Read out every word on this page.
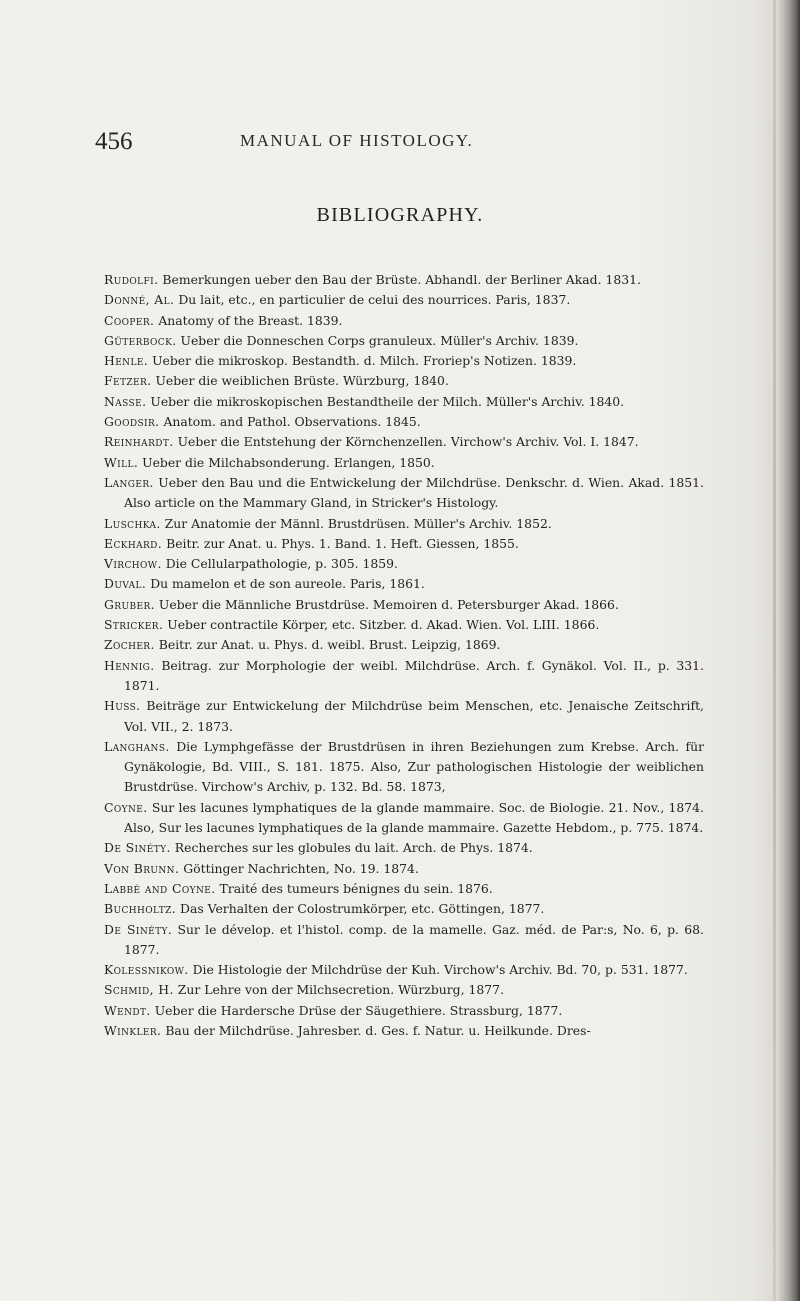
456	MANUAL OF HISTOLOGY.
BIBLIOGRAPHY.
Rudolfi. Bemerkungen ueber den Bau der Brüste. Abhandl. der Berliner Akad. 1831.
Donné, Al. Du lait, etc., en particulier de celui des nourrices. Paris, 1837.
Cooper. Anatomy of the Breast. 1839.
Güterbock. Ueber die Donneschen Corps granuleux. Müller's Archiv. 1839.
Henle. Ueber die mikroskop. Bestandth. d. Milch. Froriep's Notizen. 1839.
Fetzer. Ueber die weiblichen Brüste. Würzburg, 1840.
Nasse. Ueber die mikroskopischen Bestandtheile der Milch. Müller's Archiv. 1840.
Goodsir. Anatom. and Pathol. Observations. 1845.
Reinhardt. Ueber die Entstehung der Körnchenzellen. Virchow's Archiv. Vol. I. 1847.
Will. Ueber die Milchabsonderung. Erlangen, 1850.
Langer. Ueber den Bau und die Entwickelung der Milchdrüse. Denkschr. d. Wien. Akad. 1851. Also article on the Mammary Gland, in Stricker's Histology.
Luschka. Zur Anatomie der Männl. Brustdrüsen. Müller's Archiv. 1852.
Eckhard. Beitr. zur Anat. u. Phys. 1. Band. 1. Heft. Giessen, 1855.
Virchow. Die Cellularpathologie, p. 305. 1859.
Duval. Du mamelon et de son aureole. Paris, 1861.
Gruber. Ueber die Männliche Brustdrüse. Memoiren d. Petersburger Akad. 1866.
Stricker. Ueber contractile Körper, etc. Sitzber. d. Akad. Wien. Vol. LIII. 1866.
Zocher. Beitr. zur Anat. u. Phys. d. weibl. Brust. Leipzig, 1869.
Hennig. Beitrag. zur Morphologie der weibl. Milchdrüse. Arch. f. Gynäkol. Vol. II., p. 331. 1871.
Huss. Beiträge zur Entwickelung der Milchdrüse beim Menschen, etc. Jenaische Zeitschrift, Vol. VII., 2. 1873.
Langhans. Die Lymphgefässe der Brustdrüsen in ihren Beziehungen zum Krebse. Arch. für Gynäkologie, Bd. VIII., S. 181. 1875. Also, Zur pathologischen Histologie der weiblichen Brustdrüse. Virchow's Archiv, p. 132. Bd. 58. 1873,
Coyne. Sur les lacunes lymphatiques de la glande mammaire. Soc. de Biologie. 21. Nov., 1874. Also, Sur les lacunes lymphatiques de la glande mammaire. Gazette Hebdom., p. 775. 1874.
De Sinéty. Recherches sur les globules du lait. Arch. de Phys. 1874.
Von Brunn. Göttinger Nachrichten, No. 19. 1874.
Labbé and Coyne. Traité des tumeurs bénignes du sein. 1876.
Buchholtz. Das Verhalten der Colostrumkörper, etc. Göttingen, 1877.
De Sinéty. Sur le dévelop. et l'histol. comp. de la mamelle. Gaz. méd. de Par:s, No. 6, p. 68. 1877.
Kolessnikow. Die Histologie der Milchdrüse der Kuh. Virchow's Archiv. Bd. 70, p. 531. 1877.
Schmid, H. Zur Lehre von der Milchsecretion. Würzburg, 1877.
Wendt. Ueber die Hardersche Drüse der Säugethiere. Strassburg, 1877.
Winkler. Bau der Milchdrüse. Jahresber. d. Ges. f. Natur. u. Heilkunde. Dres-
